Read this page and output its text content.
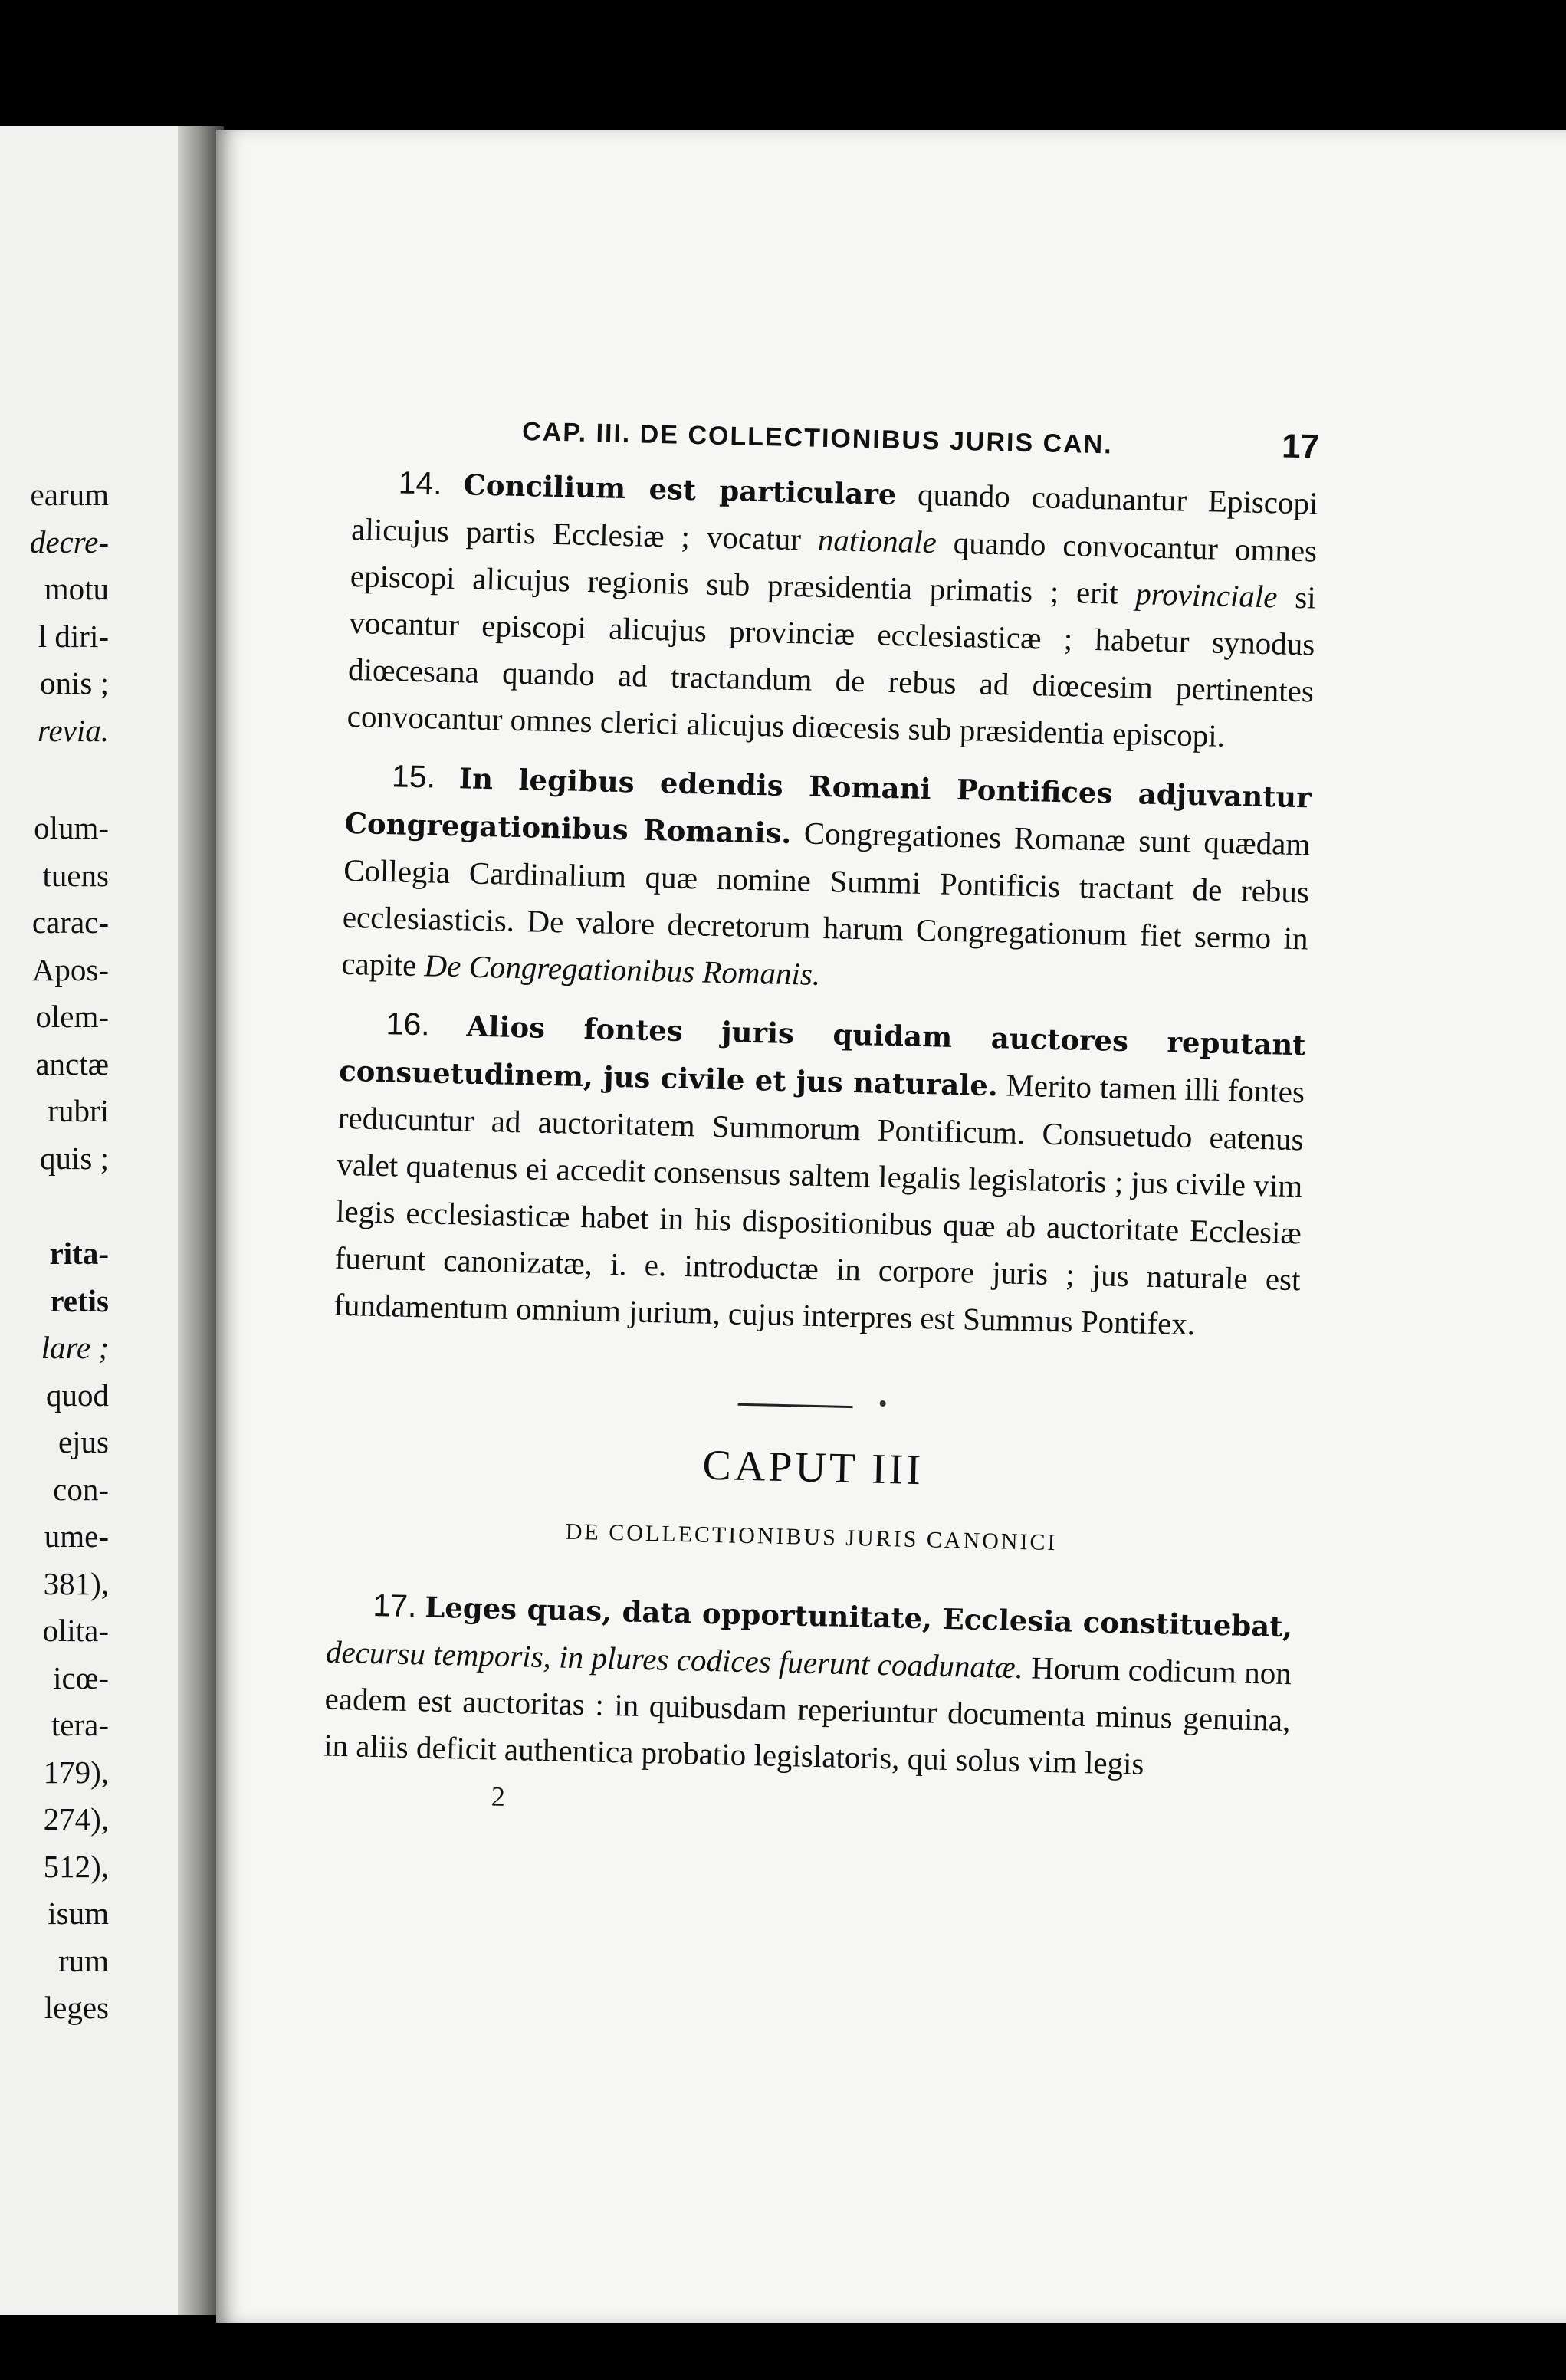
earum
decre-
motu
l diri-
onis ;
revia.
olum-
tuens
carac-
Apos-
olem-
anctæ
rubri
quis ;
rita-
retis
lare ;
quod
ejus
con-
ume-
381),
olita-
icœ-
tera-
179),
274),
512),
isum
rum
leges
CAP. III. DE COLLECTIONIBUS JURIS CAN.	17

14. Concilium est particulare quando coadunantur Episcopi alicujus partis Ecclesiæ ; vocatur nationale quando convocantur omnes episcopi alicujus regionis sub præsidentia primatis ; erit provinciale si vocantur episcopi alicujus provinciæ ecclesiasticæ ; habetur synodus diœcesana quando ad tractandum de rebus ad diœcesim pertinentes convocantur omnes clerici alicujus diœcesis sub præsidentia episcopi.

15. In legibus edendis Romani Pontifices adjuvantur Congregationibus Romanis. Congregationes Romanæ sunt quædam Collegia Cardinalium quæ nomine Summi Pontificis tractant de rebus ecclesiasticis. De valore decretorum harum Congregationum fiet sermo in capite De Congregationibus Romanis.

16. Alios fontes juris quidam auctores reputant consuetudinem, jus civile et jus naturale. Merito tamen illi fontes reducuntur ad auctoritatem Summorum Pontificum. Consuetudo eatenus valet quatenus ei accedit consensus saltem legalis legislatoris ; jus civile vim legis ecclesiasticæ habet in his dispositionibus quæ ab auctoritate Ecclesiæ fuerunt canonizatæ, i. e. introductæ in corpore juris ; jus naturale est fundamentum omnium jurium, cujus interpres est Summus Pontifex.

CAPUT III
DE COLLECTIONIBUS JURIS CANONICI

17. Leges quas, data opportunitate, Ecclesia constituebat, decursu temporis, in plures codices fuerunt coadunatæ. Horum codicum non eadem est auctoritas : in quibusdam reperiuntur documenta minus genuina, in aliis deficit authentica probatio legislatoris, qui solus vim legis

2
